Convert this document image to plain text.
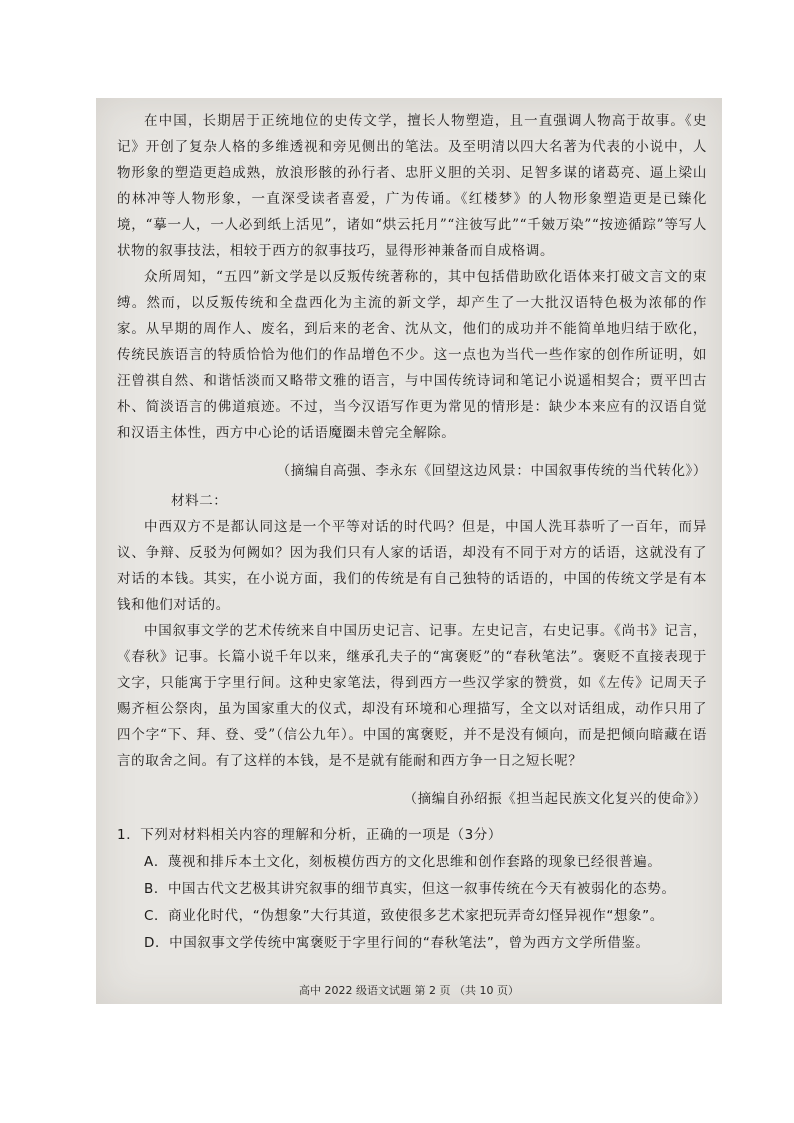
在中国，长期居于正统地位的史传文学，擅长人物塑造，且一直强调人物高于故事。《史记》开创了复杂人格的多维透视和旁见侧出的笔法。及至明清以四大名著为代表的小说中，人物形象的塑造更趋成熟，放浪形骸的孙行者、忠肝义胆的关羽、足智多谋的诸葛亮、逼上梁山的林冲等人物形象，一直深受读者喜爱，广为传诵。《红楼梦》的人物形象塑造更是已臻化境，“摹一人，一人必到纸上活见”，诸如“烘云托月”“注彼写此”“千皴万染”“按迹循踪”等写人状物的叙事技法，相较于西方的叙事技巧，显得形神兼备而自成格调。

众所周知，“五四”新文学是以反叛传统著称的，其中包括借助欧化语体来打破文言文的束缚。然而，以反叛传统和全盘西化为主流的新文学，却产生了一大批汉语特色极为浓郁的作家。从早期的周作人、废名，到后来的老舍、沈从文，他们的成功并不能简单地归结于欧化，传统民族语言的特质恰恰为他们的作品增色不少。这一点也为当代一些作家的创作所证明，如汪曾祺自然、和谐恬淡而又略带文雅的语言，与中国传统诗词和笔记小说遥相契合；贾平凹古朴、简淡语言的佛道痕迹。不过，当今汉语写作更为常见的情形是：缺少本来应有的汉语自觉和汉语主体性，西方中心论的话语魔圈未曾完全解除。

（摘编自高强、李永东《回望这边风景：中国叙事传统的当代转化》）

材料二：

中西双方不是都认同这是一个平等对话的时代吗？但是，中国人洗耳恭听了一百年，而异议、争辩、反驳为何阙如？因为我们只有人家的话语，却没有不同于对方的话语，这就没有了对话的本钱。其实，在小说方面，我们的传统是有自己独特的话语的，中国的传统文学是有本钱和他们对话的。

中国叙事文学的艺术传统来自中国历史记言、记事。左史记言，右史记事。《尚书》记言，《春秋》记事。长篇小说千年以来，继承孔夫子的“寓褒贬”的“春秋笔法”。褒贬不直接表现于文字，只能寓于字里行间。这种史家笔法，得到西方一些汉学家的赞赏，如《左传》记周天子赐齐桓公祭肉，虽为国家重大的仪式，却没有环境和心理描写，全文以对话组成，动作只用了四个字“下、拜、登、受”（信公九年）。中国的寓褒贬，并不是没有倾向，而是把倾向暗藏在语言的取舍之间。有了这样的本钱，是不是就有能耐和西方争一日之短长呢？

（摘编自孙绍振《担当起民族文化复兴的使命》）
1．下列对材料相关内容的理解和分析，正确的一项是（3分）
A．蔑视和排斥本土文化，刻板模仿西方的文化思维和创作套路的现象已经很普遍。
B．中国古代文艺极其讲究叙事的细节真实，但这一叙事传统在今天有被弱化的态势。
C．商业化时代，“伪想象”大行其道，致使很多艺术家把玩弄奇幻怪异视作“想象”。
D．中国叙事文学传统中寓褒贬于字里行间的“春秋笔法”，曾为西方文学所借鉴。
高中 2022 级语文试题 第 2 页 （共 10 页）
